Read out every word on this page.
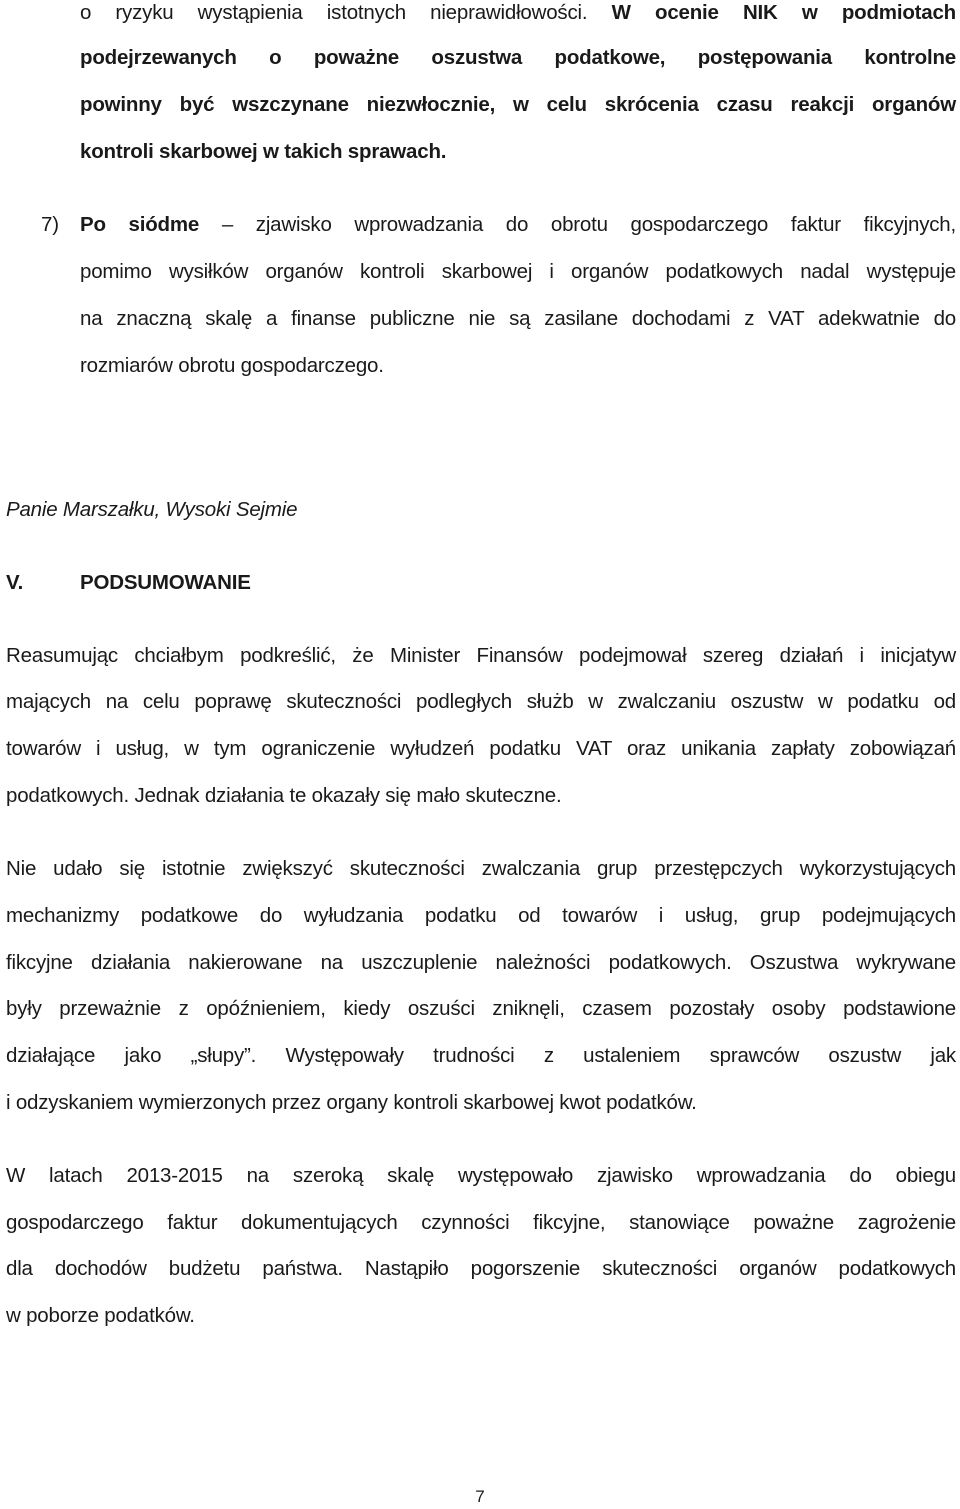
o ryzyku wystąpienia istotnych nieprawidłowości. W ocenie NIK w podmiotach
podejrzewanych o poważne oszustwa podatkowe, postępowania kontrolne
powinny być wszczynane niezwłocznie, w celu skrócenia czasu reakcji organów
kontroli skarbowej w takich sprawach.
7) Po siódme – zjawisko wprowadzania do obrotu gospodarczego faktur fikcyjnych,
pomimo wysiłków organów kontroli skarbowej i organów podatkowych nadal występuje
na znaczną skalę a finanse publiczne nie są zasilane dochodami z VAT adekwatnie do
rozmiarów obrotu gospodarczego.
Panie Marszałku, Wysoki Sejmie
V.	PODSUMOWANIE
Reasumując chciałbym podkreślić, że Minister Finansów podejmował szereg działań i inicjatyw
mających na celu poprawę skuteczności podległych służb w zwalczaniu oszustw w podatku od
towarów i usług, w tym ograniczenie wyłudzeń podatku VAT oraz unikania zapłaty zobowiązań
podatkowych. Jednak działania te okazały się mało skuteczne.
Nie udało się istotnie zwiększyć skuteczności zwalczania grup przestępczych wykorzystujących
mechanizmy podatkowe do wyłudzania podatku od towarów i usług, grup podejmujących
fikcyjne działania nakierowane na uszczuplenie należności podatkowych. Oszustwa wykrywane
były przeważnie z opóźnieniem, kiedy oszuści zniknęli, czasem pozostały osoby podstawione
działające jako „słupy”. Występowały trudności z ustaleniem sprawców oszustw jak
i odzyskaniem wymierzonych przez organy kontroli skarbowej kwot podatków.
W latach 2013-2015 na szeroką skalę występowało zjawisko wprowadzania do obiegu
gospodarczego faktur dokumentujących czynności fikcyjne, stanowiące poważne zagrożenie
dla dochodów budżetu państwa. Nastąpiło pogorszenie skuteczności organów podatkowych
w poborze podatków.
7
